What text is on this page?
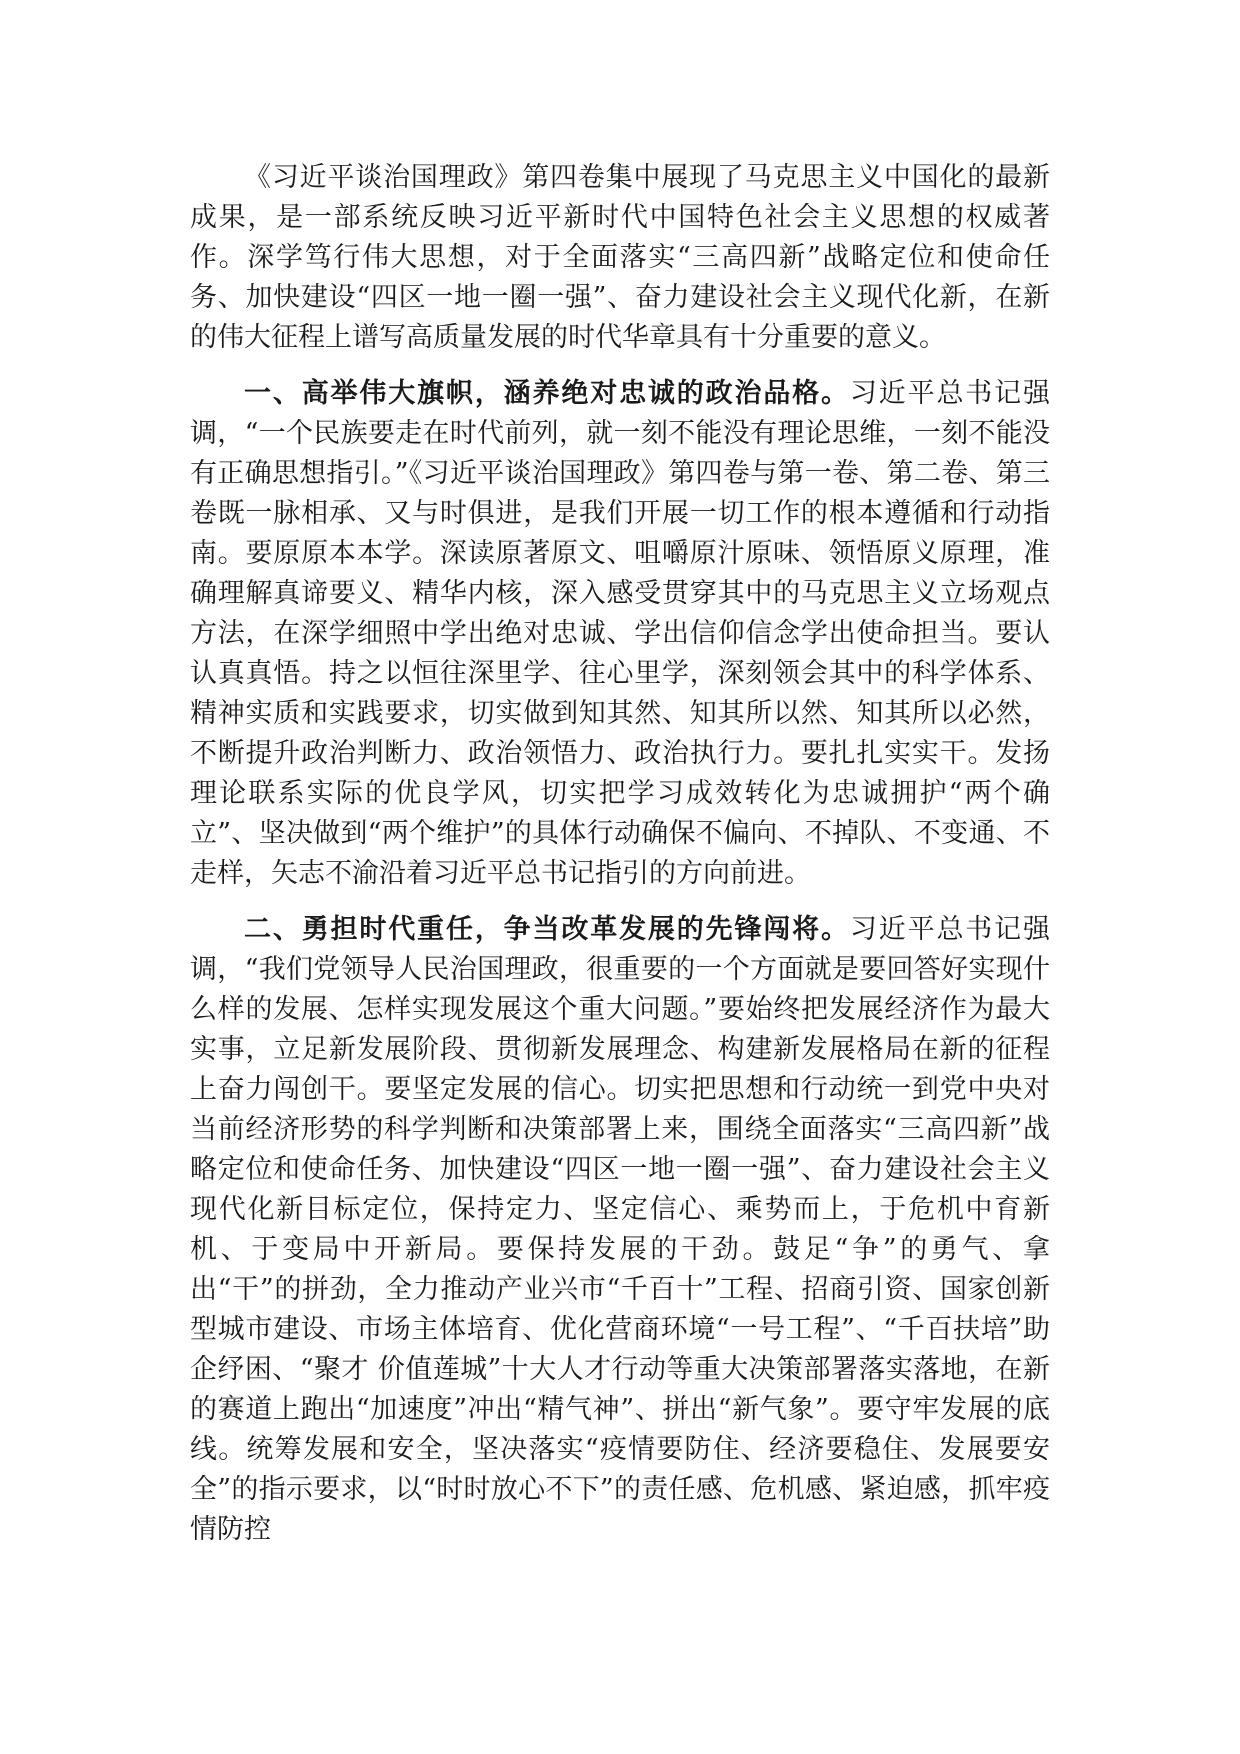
《习近平谈治国理政》第四卷集中展现了马克思主义中国化的最新成果，是一部系统反映习近平新时代中国特色社会主义思想的权威著作。深学笃行伟大思想，对于全面落实“三高四新”战略定位和使命任务、加快建设“四区一地一圈一强”、奋力建设社会主义现代化新，在新的伟大征程上谱写高质量发展的时代华章具有十分重要的意义。

一、高举伟大旗帜，涵养绝对忠诚的政治品格。习近平总书记强调，“一个民族要走在时代前列，就一刻不能没有理论思维，一刻不能没有正确思想指引。”《习近平谈治国理政》第四卷与第一卷、第二卷、第三卷既一脉相承、又与时俱进，是我们开展一切工作的根本遵循和行动指南。要原原本本学。深读原著原文、咀嚼原汁原味、领悟原义原理，准确理解真谛要义、精华内核，深入感受贯穿其中的马克思主义立场观点方法，在深学细照中学出绝对忠诚、学出信仰信念学出使命担当。要认认真真悟。持之以恒往深里学、往心里学，深刻领会其中的科学体系、精神实质和实践要求，切实做到知其然、知其所以然、知其所以必然，不断提升政治判断力、政治领悟力、政治执行力。要扎扎实实干。发扬理论联系实际的优良学风，切实把学习成效转化为忠诚拥护“两个确立”、坚决做到“两个维护”的具体行动确保不偏向、不掉队、不变通、不走样，矢志不渝沿着习近平总书记指引的方向前进。

二、勇担时代重任，争当改革发展的先锋闯将。习近平总书记强调，“我们党领导人民治国理政，很重要的一个方面就是要回答好实现什么样的发展、怎样实现发展这个重大问题。”要始终把发展经济作为最大实事，立足新发展阶段、贯彻新发展理念、构建新发展格局在新的征程上奋力闯创干。要坚定发展的信心。切实把思想和行动统一到党中央对当前经济形势的科学判断和决策部署上来，围绕全面落实“三高四新”战略定位和使命任务、加快建设“四区一地一圈一强”、奋力建设社会主义现代化新目标定位，保持定力、坚定信心、乘势而上，于危机中育新机、于变局中开新局。要保持发展的干劲。鼓足“争”的勇气、拿出“干”的拼劲，全力推动产业兴市“千百十”工程、招商引资、国家创新型城市建设、市场主体培育、优化营商环境“一号工程”、“千百扶培”助企纾困、“聚才 价值莲城”十大人才行动等重大决策部署落实落地，在新的赛道上跑出“加速度”冲出“精气神”、拼出“新气象”。要守牢发展的底线。统筹发展和安全，坚决落实“疫情要防住、经济要稳住、发展要安全”的指示要求，以“时时放心不下”的责任感、危机感、紧迫感，抓牢疫情防控
